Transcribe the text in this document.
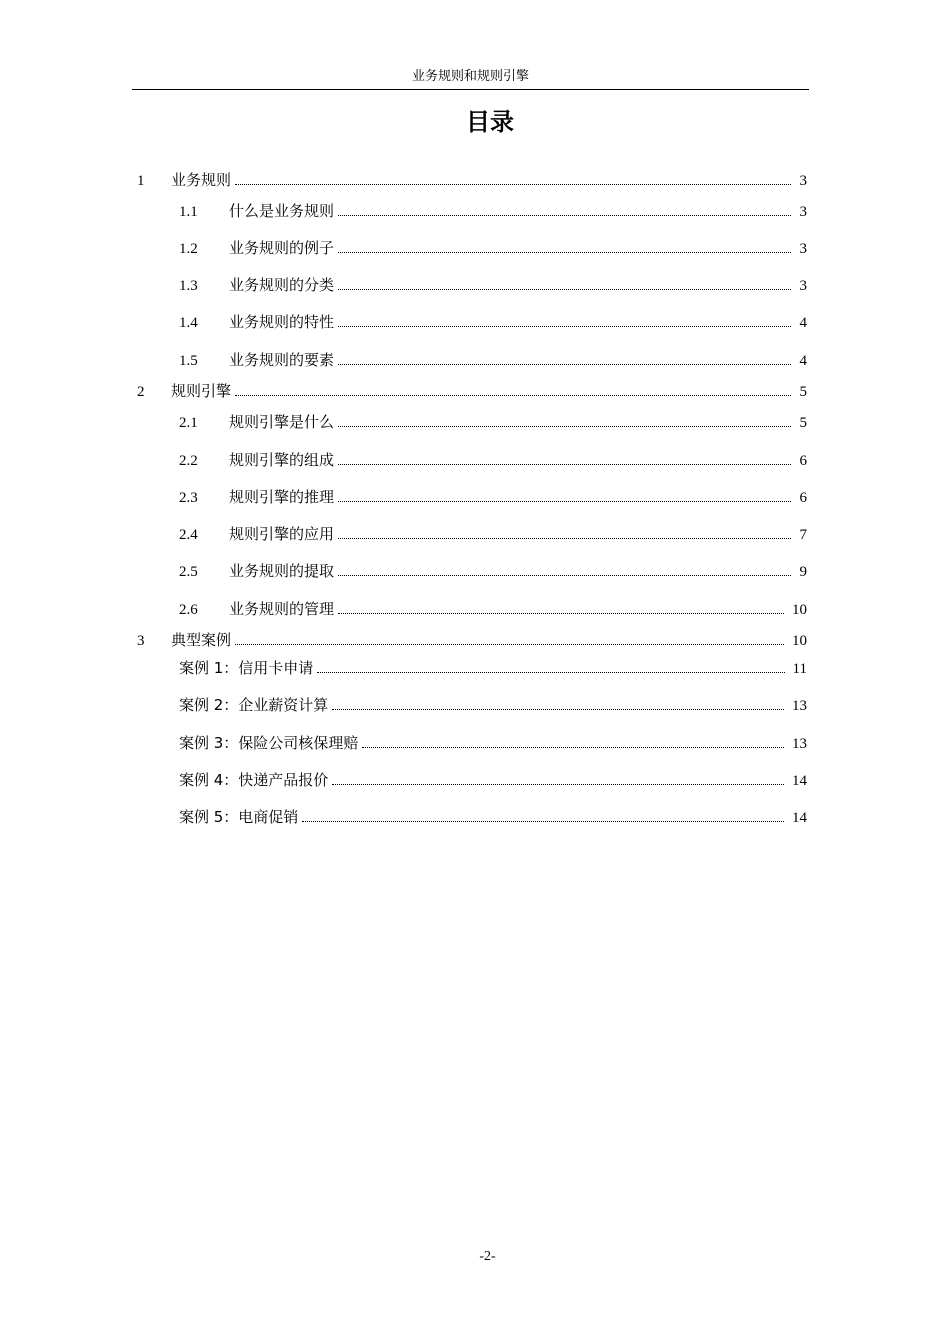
业务规则和规则引擎
目录
1	业务规则	3
1.1	什么是业务规则	3
1.2	业务规则的例子	3
1.3	业务规则的分类	3
1.4	业务规则的特性	4
1.5	业务规则的要素	4
2	规则引擎	5
2.1	规则引擎是什么	5
2.2	规则引擎的组成	6
2.3	规则引擎的推理	6
2.4	规则引擎的应用	7
2.5	业务规则的提取	9
2.6	业务规则的管理	10
3	典型案例	10
案例 1：信用卡申请	11
案例 2：企业薪资计算	13
案例 3：保险公司核保理赔	13
案例 4：快递产品报价	14
案例 5：电商促销	14
-2-
